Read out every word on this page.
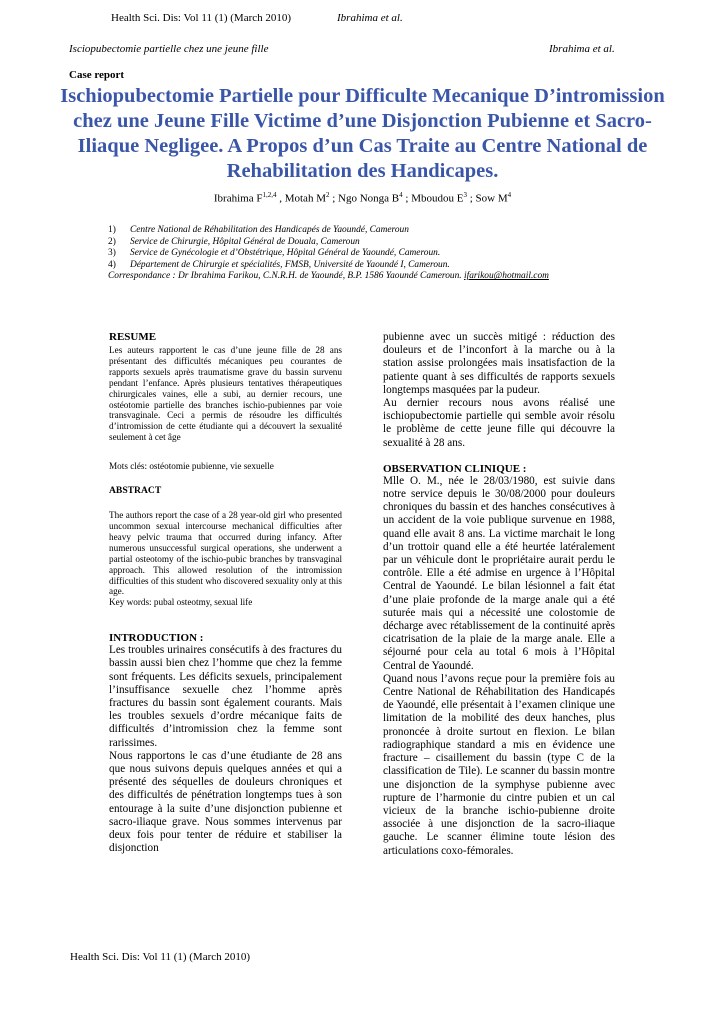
Health Sci. Dis: Vol 11 (1) (March 2010)	Ibrahima et al.
Isciopubectomie partielle chez une jeune fille	Ibrahima et al.
Case report
Ischiopubectomie Partielle pour Difficulte Mecanique D’intromission
chez une Jeune Fille Victime d’une Disjonction Pubienne et Sacro-
Iliaque Negligee. A Propos d’un Cas Traite au Centre National de
Rehabilitation des Handicapes.
Ibrahima F$^{1,2,4}$ , Motah $M^2$ ; Ngo Nonga $B^4$ ; Mboudou $E^3$ ; Sow $M^4$
1) Centre National de Réhabilitation des Handicapés de Yaoundé, Cameroun
2) Service de Chirurgie, Hôpital Général de Douala, Cameroun
3) Service de Gynécologie et d’Obstétrique, Hôpital Général de Yaoundé, Cameroun.
4) Département de Chirurgie et spécialités, FMSB, Université de Yaoundé I, Cameroun.
Correspondance : Dr Ibrahima Farikou, C.N.R.H. de Yaoundé, B.P. 1586 Yaoundé Cameroun. ifarikou@hotmail.com
RESUME

Les auteurs rapportent le cas d’une jeune fille de 28 ans présentant des difficultés mécaniques peu courantes de rapports sexuels après traumatisme grave du bassin survenu pendant l’enfance. Après plusieurs tentatives thérapeutiques chirurgicales vaines, elle a subi, au dernier recours, une ostéotomie partielle des branches ischio-pubiennes par voie transvaginale. Ceci a permis de résoudre les difficultés d’intromission de cette étudiante qui a découvert la sexualité seulement à cet âge

Mots clés: ostéotomie pubienne, vie sexuelle

ABSTRACT

The authors report the case of a 28 year-old girl who presented uncommon sexual intercourse mechanical difficulties after heavy pelvic trauma that occurred during infancy. After numerous unsuccessful surgical operations, she underwent a partial osteotomy of the ischio-pubic branches by transvaginal approach. This allowed resolution of the intromission difficulties of this student who discovered sexuality only at this age.

Key words: pubal osteotmy, sexual life

INTRODUCTION :

Les troubles urinaires consécutifs à des fractures du bassin aussi bien chez l’homme que chez la femme sont fréquents. Les déficits sexuels, principalement l’insuffisance sexuelle chez l’homme après fractures du bassin sont également courants. Mais les troubles sexuels d’ordre mécanique faits de difficultés d’intromission chez la femme sont rarissimes.

Nous rapportons le cas d’une étudiante de 28 ans que nous suivons depuis quelques années et qui a présenté des séquelles de douleurs chroniques et des difficultés de pénétration longtemps tues à son entourage à la suite d’une disjonction pubienne et sacro-iliaque grave. Nous sommes intervenus par deux fois pour tenter de réduire et stabiliser la disjonction

pubienne avec un succès mitigé : réduction des douleurs et de l’inconfort à la marche ou à la station assise prolongées mais insatisfaction de la patiente quant à ses difficultés de rapports sexuels longtemps masquées par la pudeur.

Au dernier recours nous avons réalisé une ischiopubectomie partielle qui semble avoir résolu le problème de cette jeune fille qui découvre la sexualité à 28 ans.

OBSERVATION CLINIQUE :

Mlle O. M., née le 28/03/1980, est suivie dans notre service depuis le 30/08/2000 pour douleurs chroniques du bassin et des hanches consécutives à un accident de la voie publique survenue en 1988, quand elle avait 8 ans. La victime marchait le long d’un trottoir quand elle a été heurtée latéralement par un véhicule dont le propriétaire aurait perdu le contrôle. Elle a été admise en urgence à l’Hôpital Central de Yaoundé. Le bilan lésionnel a fait état d’une plaie profonde de la marge anale qui a été suturée mais qui a nécessité une colostomie de décharge avec rétablissement de la continuité après cicatrisation de la plaie de la marge anale. Elle a séjourné pour cela au total 6 mois à l’Hôpital Central de Yaoundé.

Quand nous l’avons reçue pour la première fois au Centre National de Réhabilitation des Handicapés de Yaoundé, elle présentait à l’examen clinique une limitation de la mobilité des deux hanches, plus prononcée à droite surtout en flexion. Le bilan radiographique standard a mis en évidence une fracture – cisaillement du bassin (type C de la classification de Tile). Le scanner du bassin montre une disjonction de la symphyse pubienne avec rupture de l’harmonie du cintre pubien et un cal vicieux de la branche ischio-pubienne droite associée à une disjonction de la sacro-iliaque gauche. Le scanner élimine toute lésion des articulations coxo-fémorales.

Health Sci. Dis: Vol 11 (1) (March 2010)
